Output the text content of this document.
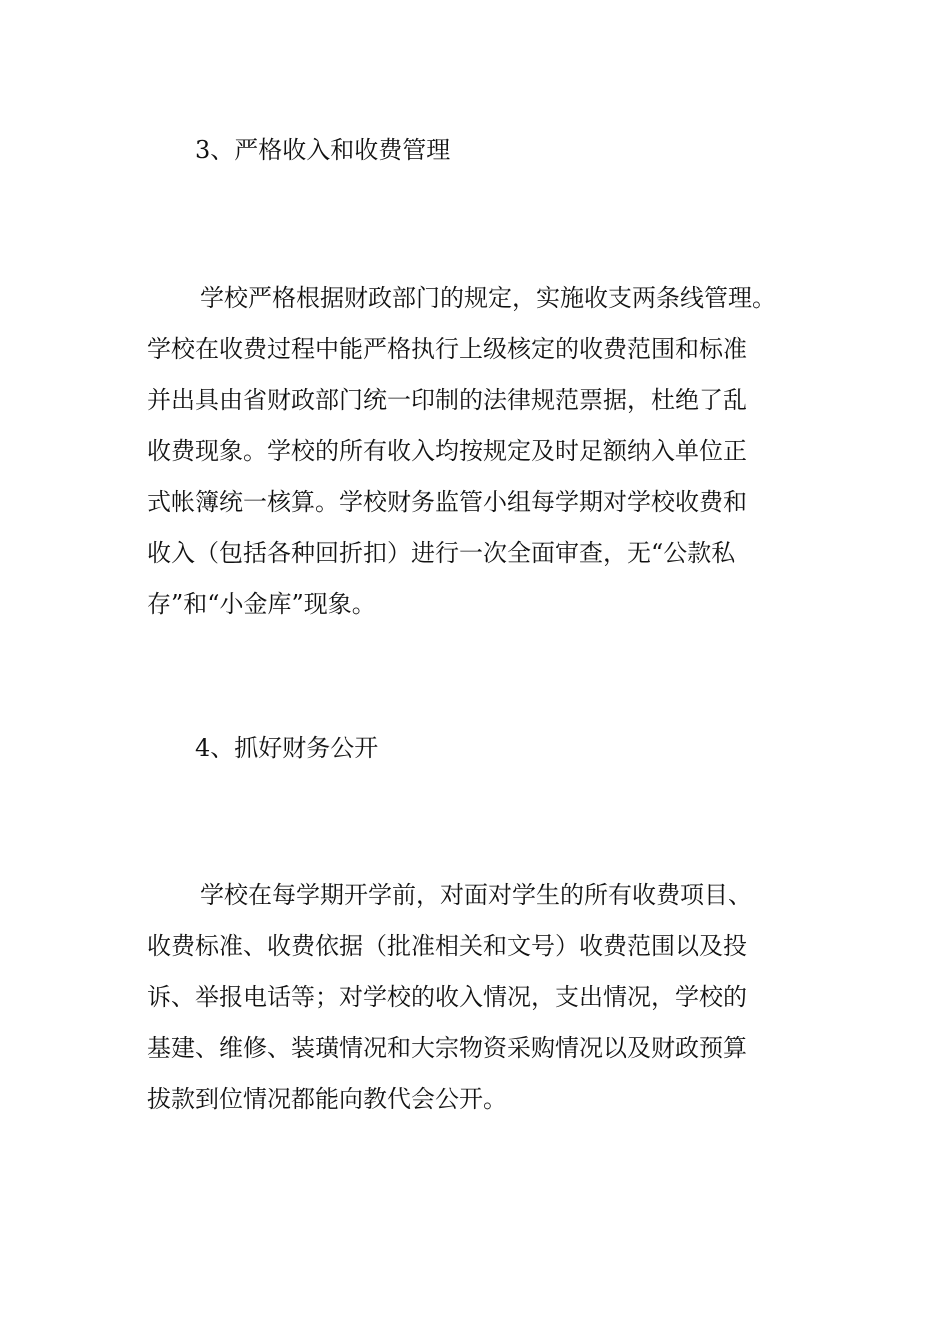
3、严格收入和收费管理
学校严格根据财政部门的规定，实施收支两条线管理。
学校在收费过程中能严格执行上级核定的收费范围和标准
并出具由省财政部门统一印制的法律规范票据，杜绝了乱
收费现象。学校的所有收入均按规定及时足额纳入单位正
式帐簿统一核算。学校财务监管小组每学期对学校收费和
收入（包括各种回折扣）进行一次全面审查，无“公款私
存”和“小金库”现象。
4、抓好财务公开
学校在每学期开学前，对面对学生的所有收费项目、
收费标准、收费依据（批准相关和文号）收费范围以及投
诉、举报电话等；对学校的收入情况，支出情况，学校的
基建、维修、装璜情况和大宗物资采购情况以及财政预算
拔款到位情况都能向教代会公开。
